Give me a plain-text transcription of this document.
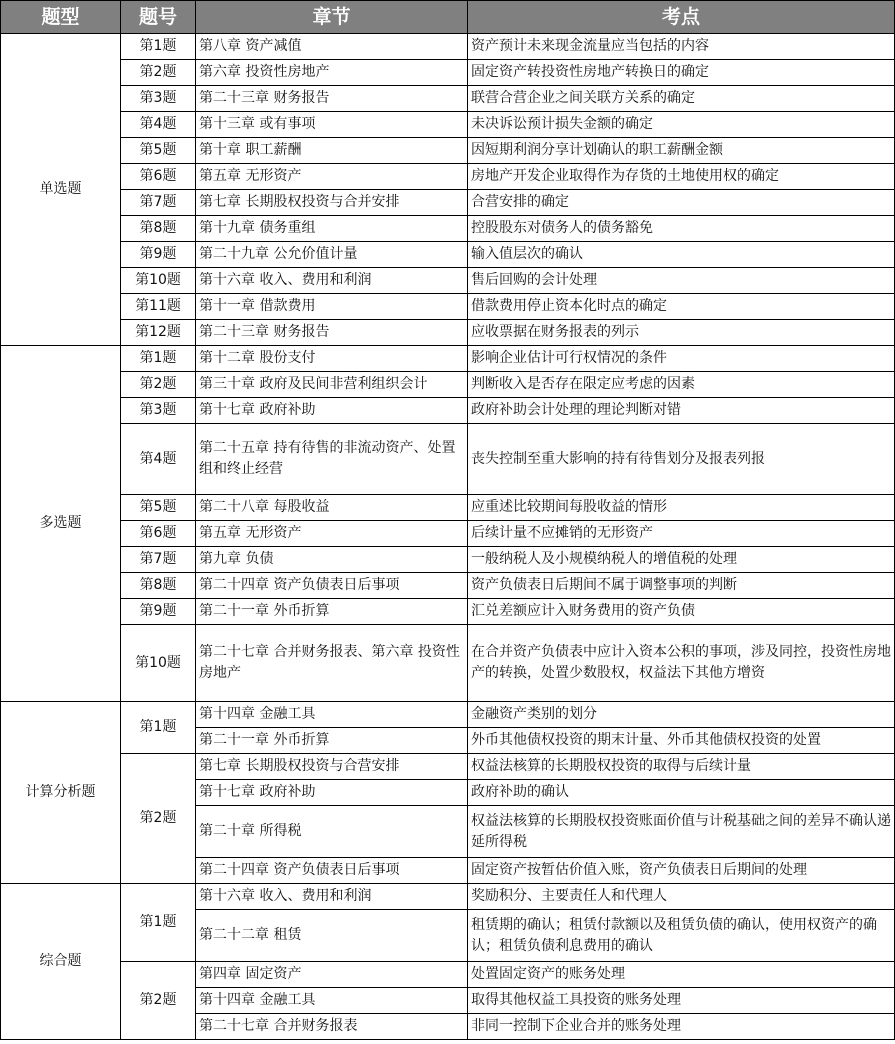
题型	题号	章节	考点
单选题	第1题	第八章 资产减值	资产预计未来现金流量应当包括的内容
	第2题	第六章 投资性房地产	固定资产转投资性房地产转换日的确定
	第3题	第二十三章 财务报告	联营合营企业之间关联方关系的确定
	第4题	第十三章 或有事项	未决诉讼预计损失金额的确定
	第5题	第十章 职工薪酬	因短期利润分享计划确认的职工薪酬金额
	第6题	第五章 无形资产	房地产开发企业取得作为存货的土地使用权的确定
	第7题	第七章 长期股权投资与合并安排	合营安排的确定
	第8题	第十九章 债务重组	控股股东对债务人的债务豁免
	第9题	第二十九章 公允价值计量	输入值层次的确认
	第10题	第十六章 收入、费用和利润	售后回购的会计处理
	第11题	第十一章 借款费用	借款费用停止资本化时点的确定
	第12题	第二十三章 财务报告	应收票据在财务报表的列示
多选题	第1题	第十二章 股份支付	影响企业估计可行权情况的条件
	第2题	第三十章 政府及民间非营利组织会计	判断收入是否存在限定应考虑的因素
	第3题	第十七章 政府补助	政府补助会计处理的理论判断对错
	第4题	第二十五章 持有待售的非流动资产、处置组和终止经营	丧失控制至重大影响的持有待售划分及报表列报
	第5题	第二十八章 每股收益	应重述比较期间每股收益的情形
	第6题	第五章 无形资产	后续计量不应摊销的无形资产
	第7题	第九章 负债	一般纳税人及小规模纳税人的增值税的处理
	第8题	第二十四章 资产负债表日后事项	资产负债表日后期间不属于调整事项的判断
	第9题	第二十一章 外币折算	汇兑差额应计入财务费用的资产负债
	第10题	第二十七章 合并财务报表、第六章 投资性房地产	在合并资产负债表中应计入资本公积的事项，涉及同控，投资性房地产的转换，处置少数股权，权益法下其他方增资
计算分析题	第1题	第十四章 金融工具	金融资产类别的划分
		第二十一章 外币折算	外币其他债权投资的期末计量、外币其他债权投资的处置
	第2题	第七章 长期股权投资与合营安排	权益法核算的长期股权投资的取得与后续计量
		第十七章 政府补助	政府补助的确认
		第二十章 所得税	权益法核算的长期股权投资账面价值与计税基础之间的差异不确认递延所得税
		第二十四章 资产负债表日后事项	固定资产按暂估价值入账，资产负债表日后期间的处理
综合题	第1题	第十六章 收入、费用和利润	奖励积分、主要责任人和代理人
		第二十二章 租赁	租赁期的确认；租赁付款额以及租赁负债的确认，使用权资产的确认；租赁负债利息费用的确认
	第2题	第四章 固定资产	处置固定资产的账务处理
		第十四章 金融工具	取得其他权益工具投资的账务处理
		第二十七章 合并财务报表	非同一控制下企业合并的账务处理
